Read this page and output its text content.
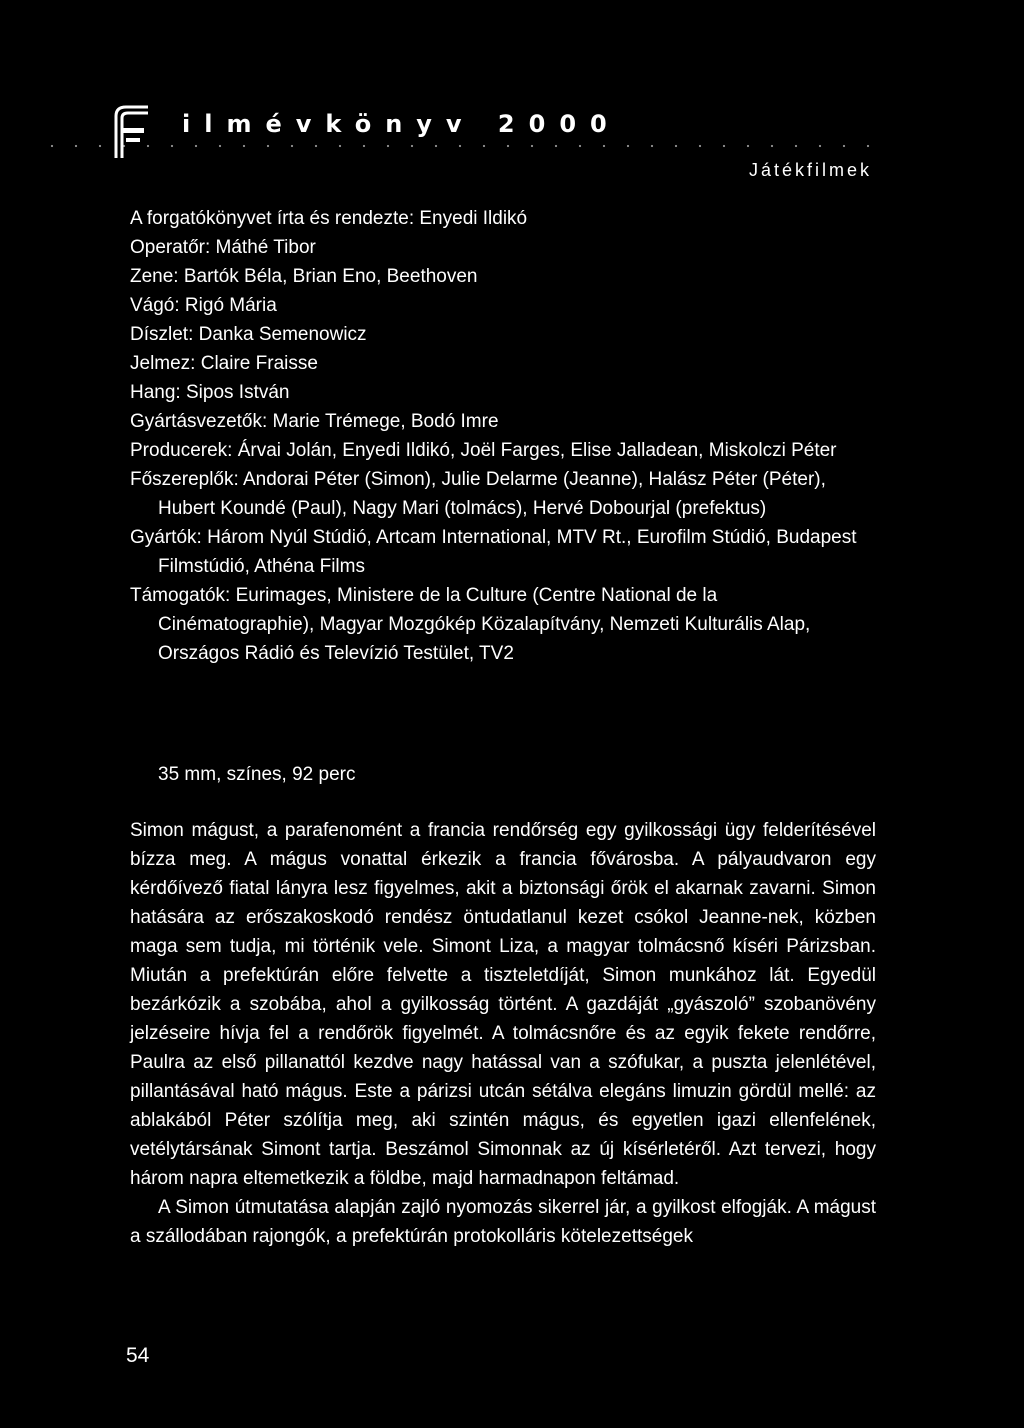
ilmévkönyv 2000
Játékfilmek
A forgatókönyvet írta és rendezte: Enyedi Ildikó
Operatőr: Máthé Tibor
Zene: Bartók Béla, Brian Eno, Beethoven
Vágó: Rigó Mária
Díszlet: Danka Semenowicz
Jelmez: Claire Fraisse
Hang: Sipos István
Gyártásvezetők: Marie Trémege, Bodó Imre
Producerek: Árvai Jolán, Enyedi Ildikó, Joël Farges, Elise Jalladean, Miskolczi Péter
Főszereplők: Andorai Péter (Simon), Julie Delarme (Jeanne), Halász Péter (Péter), Hubert Koundé (Paul), Nagy Mari (tolmács), Hervé Dobourjal (prefektus)
Gyártók: Három Nyúl Stúdió, Artcam International, MTV Rt., Eurofilm Stúdió, Budapest Filmstúdió, Athéna Films
Támogatók: Eurimages, Ministere de la Culture (Centre National de la Cinématographie), Magyar Mozgókép Közalapítvány, Nemzeti Kulturális Alap, Országos Rádió és Televízió Testület, TV2
35 mm, színes, 92 perc

Simon mágust, a parafenomént a francia rendőrség egy gyilkossági ügy felderítésével bízza meg. A mágus vonattal érkezik a francia fővárosba. A pályaudvaron egy kérdőívező fiatal lányra lesz figyelmes, akit a biztonsági őrök el akarnak zavarni. Simon hatására az erőszakoskodó rendész öntudatlanul kezet csókol Jeanne-nek, közben maga sem tudja, mi történik vele. Simont Liza, a magyar tolmácsnő kíséri Párizsban. Miután a prefektúrán előre felvette a tiszteletdíját, Simon munkához lát. Egyedül bezárkózik a szobába, ahol a gyilkosság történt. A gazdáját „gyászoló” szobanövény jelzéseire hívja fel a rendőrök figyelmét. A tolmácsnőre és az egyik fekete rendőrre, Paulra az első pillanattól kezdve nagy hatással van a szófukar, a puszta jelenlétével, pillantásával ható mágus. Este a párizsi utcán sétálva elegáns limuzin gördül mellé: az ablakából Péter szólítja meg, aki szintén mágus, és egyetlen igazi ellenfelének, vetélytársának Simont tartja. Beszámol Simonnak az új kísérletéről. Azt tervezi, hogy három napra eltemetkezik a földbe, majd harmadnapon feltámad.

A Simon útmutatása alapján zajló nyomozás sikerrel jár, a gyilkost elfogják. A mágust a szállodában rajongók, a prefektúrán protokolláris kötelezettségek

54
